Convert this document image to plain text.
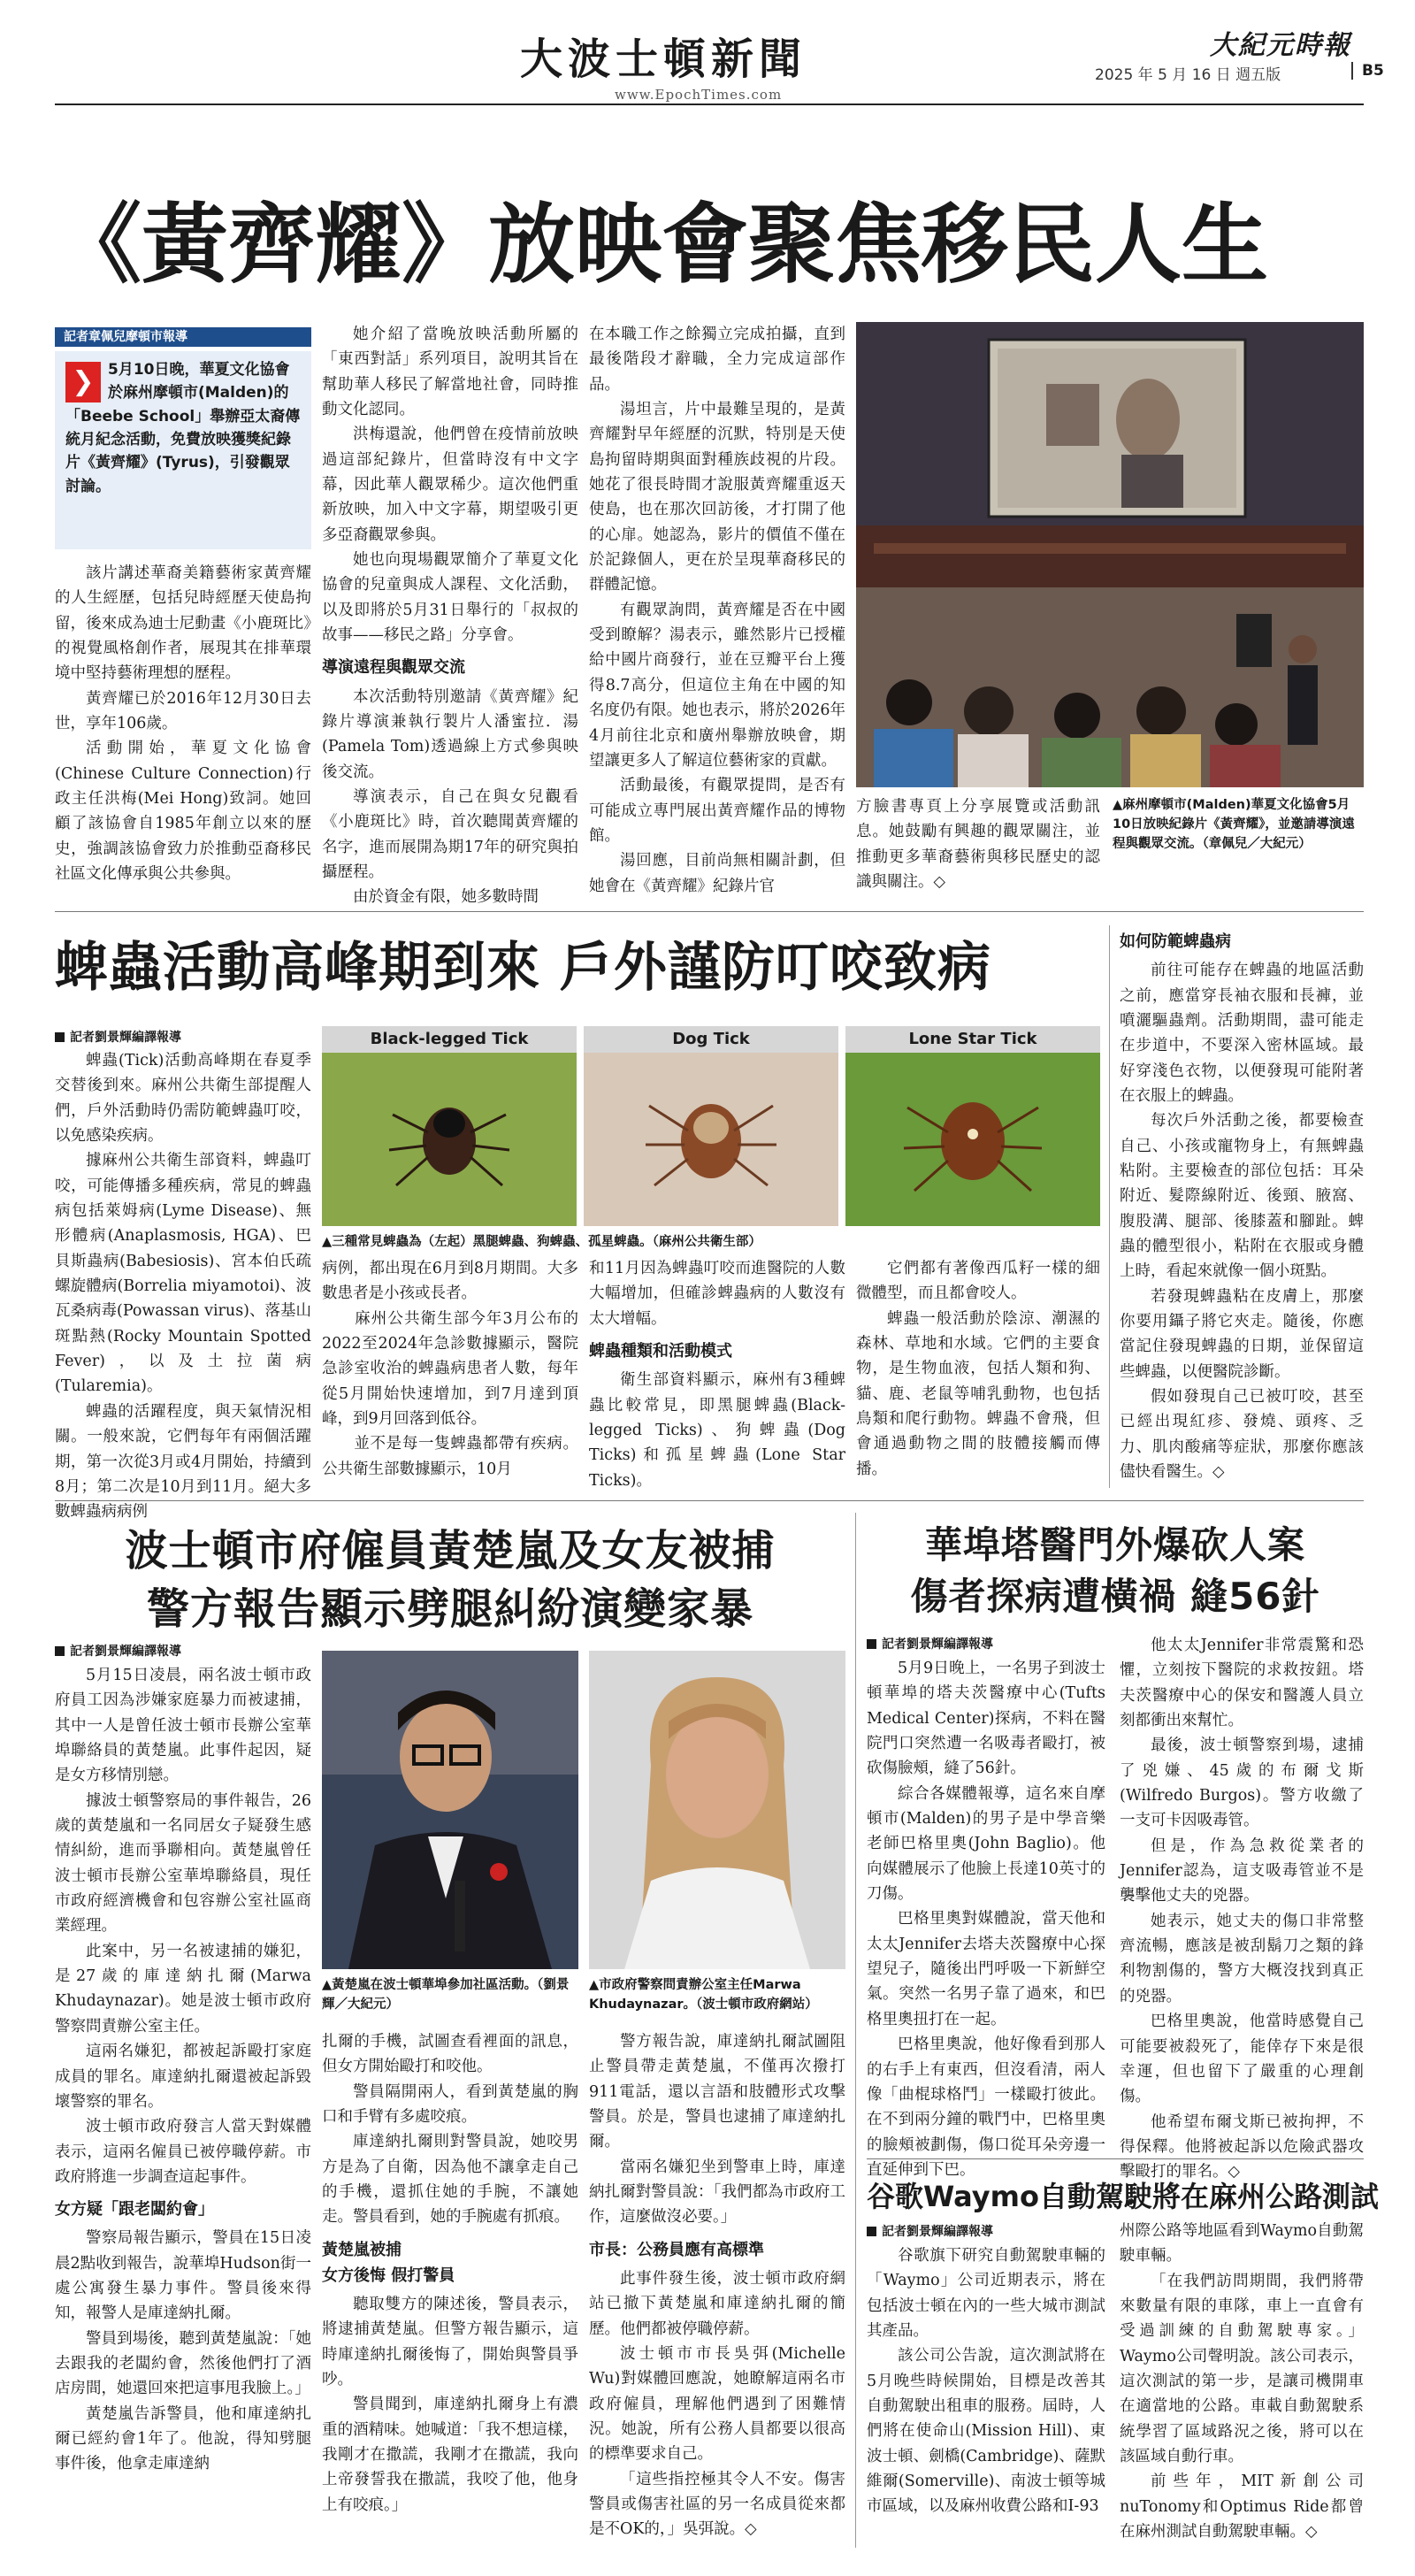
大波士頓新聞
www.EpochTimes.com
大紀元時報
2025 年 5 月 16 日 週五版	B5
《黃齊耀》放映會聚焦移民人生
記者章佩兒摩頓市報導
❯ 5月10日晚，華夏文化協會於麻州摩頓市(Malden)的「Beebe School」舉辦亞太裔傳統月紀念活動，免費放映獲獎紀錄片《黃齊耀》(Tyrus)，引發觀眾討論。

該片講述華裔美籍藝術家黃齊耀的人生經歷，包括兒時經歷天使島拘留，後來成為迪士尼動畫《小鹿斑比》的視覺風格創作者，展現其在排華環境中堅持藝術理想的歷程。

黃齊耀已於2016年12月30日去世，享年106歲。

活動開始，華夏文化協會(Chinese Culture Connection)行政主任洪梅(Mei Hong)致詞。她回顧了該協會自1985年創立以來的歷史，強調該協會致力於推動亞裔移民社區文化傳承與公共參與。

她介紹了當晚放映活動所屬的「東西對話」系列項目，說明其旨在幫助華人移民了解當地社會，同時推動文化認同。

洪梅還說，他們曾在疫情前放映過這部紀錄片，但當時沒有中文字幕，因此華人觀眾稀少。這次他們重新放映，加入中文字幕，期望吸引更多亞裔觀眾參與。

她也向現場觀眾簡介了華夏文化協會的兒童與成人課程、文化活動，以及即將於5月31日舉行的「叔叔的故事——移民之路」分享會。

導演遠程與觀眾交流

本次活動特別邀請《黃齊耀》紀錄片導演兼執行製片人潘蜜拉．湯(Pamela Tom)透過線上方式參與映後交流。

導演表示，自己在與女兒觀看《小鹿斑比》時，首次聽聞黃齊耀的名字，進而展開為期17年的研究與拍攝歷程。

由於資金有限，她多數時間

在本職工作之餘獨立完成拍攝，直到最後階段才辭職，全力完成這部作品。

湯坦言，片中最難呈現的，是黃齊耀對早年經歷的沉默，特別是天使島拘留時期與面對種族歧視的片段。她花了很長時間才說服黃齊耀重返天使島，也在那次回訪後，才打開了他的心扉。她認為，影片的價值不僅在於記錄個人，更在於呈現華裔移民的群體記憶。

有觀眾詢問，黃齊耀是否在中國受到瞭解？湯表示，雖然影片已授權給中國片商發行，並在豆瓣平台上獲得8.7高分，但這位主角在中國的知名度仍有限。她也表示，將於2026年4月前往北京和廣州舉辦放映會，期望讓更多人了解這位藝術家的貢獻。

活動最後，有觀眾提問，是否有可能成立專門展出黃齊耀作品的博物館。

湯回應，目前尚無相關計劃，但她會在《黃齊耀》紀錄片官

方臉書專頁上分享展覽或活動訊息。她鼓勵有興趣的觀眾關注，並推動更多華裔藝術與移民歷史的認識與關注。◇

▲麻州摩頓市(Malden)華夏文化協會5月10日放映紀錄片《黃齊耀》，並邀請導演遠程與觀眾交流。（章佩兒／大紀元）
蜱蟲活動高峰期到來 戶外謹防叮咬致病
記者劉景輝編譯報導

蜱蟲(Tick)活動高峰期在春夏季交替後到來。麻州公共衛生部提醒人們，戶外活動時仍需防範蜱蟲叮咬，以免感染疾病。

據麻州公共衛生部資料，蜱蟲叮咬，可能傳播多種疾病，常見的蜱蟲病包括萊姆病(Lyme Disease)、無形體病(Anaplasmosis, HGA)、巴貝斯蟲病(Babesiosis)、宮本伯氏疏螺旋體病(Borrelia miyamotoi)、波瓦桑病毒(Powassan virus)、落基山斑點熱(Rocky Mountain Spotted Fever)，以及土拉菌病(Tularemia)。

蜱蟲的活躍程度，與天氣情況相關。一般來說，它們每年有兩個活躍期，第一次從3月或4月開始，持續到8月；第二次是10月到11月。絕大多數蜱蟲病病例

Black-legged Tick	Dog Tick	Lone Star Tick
▲三種常見蜱蟲為（左起）黑腿蜱蟲、狗蜱蟲、孤星蜱蟲。（麻州公共衛生部）

病例，都出現在6月到8月期間。大多數患者是小孩或長者。
　　麻州公共衛生部今年3月公布的2022至2024年急診數據顯示，醫院急診室收治的蜱蟲病患者人數，每年從5月開始快速增加，到7月達到頂峰，到9月回落到低谷。
　　並不是每一隻蜱蟲都帶有疾病。公共衛生部數據顯示，10月

和11月因為蜱蟲叮咬而進醫院的人數大幅增加，但確診蜱蟲病的人數沒有太大增幅。

蜱蟲種類和活動模式

衛生部資料顯示，麻州有3種蜱蟲比較常見，即黑腿蜱蟲(Black-legged Ticks)、狗蜱蟲(Dog Ticks)和孤星蜱蟲(Lone Star Ticks)。

它們都有著像西瓜籽一樣的細微體型，而且都會咬人。

蜱蟲一般活動於陰涼、潮濕的森林、草地和水域。它們的主要食物，是生物血液，包括人類和狗、貓、鹿、老鼠等哺乳動物，也包括鳥類和爬行動物。蜱蟲不會飛，但會通過動物之間的肢體接觸而傳播。

如何防範蜱蟲病

前往可能存在蜱蟲的地區活動之前，應當穿長袖衣服和長褲，並噴灑驅蟲劑。活動期間，盡可能走在步道中，不要深入密林區域。最好穿淺色衣物，以便發現可能附著在衣服上的蜱蟲。

每次戶外活動之後，都要檢查自己、小孩或寵物身上，有無蜱蟲粘附。主要檢查的部位包括：耳朵附近、髮際線附近、後頸、腋窩、腹股溝、腿部、後膝蓋和腳趾。蜱蟲的體型很小，粘附在衣服或身體上時，看起來就像一個小斑點。

若發現蜱蟲粘在皮膚上，那麼你要用鑷子將它夾走。隨後，你應當記住發現蜱蟲的日期，並保留這些蜱蟲，以便醫院診斷。

假如發現自己已被叮咬，甚至已經出現紅疹、發燒、頭疼、乏力、肌肉酸痛等症狀，那麼你應該儘快看醫生。◇

波士頓市府僱員黃楚嵐及女友被捕
警方報告顯示劈腿糾紛演變家暴
記者劉景輝編譯報導

5月15日凌晨，兩名波士頓市政府員工因為涉嫌家庭暴力而被逮捕，其中一人是曾任波士頓市長辦公室華埠聯絡員的黃楚嵐。此事件起因，疑是女方移情別戀。

據波士頓警察局的事件報告，26歲的黃楚嵐和一名同居女子疑發生感情糾紛，進而爭聯相向。黃楚嵐曾任波士頓市長辦公室華埠聯絡員，現任市政府經濟機會和包容辦公室社區商業經理。

此案中，另一名被逮捕的嫌犯，是27歲的庫達納扎爾(Marwa Khudaynazar)。她是波士頓市政府警察問責辦公室主任。

這兩名嫌犯，都被起訴毆打家庭成員的罪名。庫達納扎爾還被起訴毀壞警察的罪名。

波士頓市政府發言人當天對媒體表示，這兩名僱員已被停職停薪。市政府將進一步調查這起事件。

女方疑「跟老闆約會」

警察局報告顯示，警員在15日凌晨2點收到報告，說華埠Hudson街一處公寓發生暴力事件。警員後來得知，報警人是庫達納扎爾。

警員到場後，聽到黃楚嵐說：「她去跟我的老闆約會，然後他們打了酒店房間，她還回來把這事甩我臉上。」

黃楚嵐告訴警員，他和庫達納扎爾已經約會1年了。他說，得知劈腿事件後，他拿走庫達納

▲黃楚嵐在波士頓華埠參加社區活動。（劉景輝／大紀元）
▲市政府警察問責辦公室主任Marwa Khudaynazar。（波士頓市政府網站）

扎爾的手機，試圖查看裡面的訊息，但女方開始毆打和咬他。

警員隔開兩人，看到黃楚嵐的胸口和手臂有多處咬痕。

庫達納扎爾則對警員說，她咬男方是為了自衛，因為他不讓拿走自己的手機，還抓住她的手腕，不讓她走。警員看到，她的手腕處有抓痕。

黃楚嵐被捕
女方後悔 假打警員

聽取雙方的陳述後，警員表示，將逮捕黃楚嵐。但警方報告顯示，這時庫達納扎爾後悔了，開始與警員爭吵。

警員聞到，庫達納扎爾身上有濃重的酒精味。她喊道：「我不想這樣，我剛才在撒謊，我剛才在撒謊，我向上帝發誓我在撒謊，我咬了他，他身上有咬痕。」

警方報告說，庫達納扎爾試圖阻止警員帶走黃楚嵐，不僅再次撥打911電話，還以言語和肢體形式攻擊警員。於是，警員也逮捕了庫達納扎爾。

當兩名嫌犯坐到警車上時，庫達納扎爾對警員說：「我們都為市政府工作，這麼做沒必要。」

市長：公務員應有高標準

此事件發生後，波士頓市政府網站已撤下黃楚嵐和庫達納扎爾的簡歷。他們都被停職停薪。

波士頓市市長吳弭(Michelle Wu)對媒體回應說，她瞭解這兩名市政府僱員，理解他們遇到了困難情況。她說，所有公務人員都要以很高的標準要求自己。

「這些指控極其令人不安。傷害警員或傷害社區的另一名成員從來都是不OK的，」吳弭說。◇

華埠塔醫門外爆砍人案
傷者探病遭橫禍 縫56針
記者劉景輝編譯報導

5月9日晚上，一名男子到波士頓華埠的塔夫茨醫療中心(Tufts Medical Center)探病，不料在醫院門口突然遭一名吸毒者毆打，被砍傷臉頰，縫了56針。

綜合各媒體報導，這名來自摩頓市(Malden)的男子是中學音樂老師巴格里奧(John Baglio)。他向媒體展示了他臉上長達10英寸的刀傷。

巴格里奧對媒體說，當天他和太太Jennifer去塔夫茨醫療中心探望兒子，隨後出門呼吸一下新鮮空氣。突然一名男子靠了過來，和巴格里奧扭打在一起。

巴格里奧說，他好像看到那人的右手上有東西，但沒看清，兩人像「曲棍球格鬥」一樣毆打彼此。在不到兩分鐘的戰鬥中，巴格里奧的臉頰被劃傷，傷口從耳朵旁邊一直延伸到下巴。

他太太Jennifer非常震驚和恐懼，立刻按下醫院的求救按鈕。塔夫茨醫療中心的保安和醫護人員立刻都衝出來幫忙。

最後，波士頓警察到場，逮捕了兇嫌、45歲的布爾戈斯(Wilfredo Burgos)。警方收繳了一支可卡因吸毒管。

但是，作為急救從業者的Jennifer認為，這支吸毒管並不是襲擊他丈夫的兇器。

她表示，她丈夫的傷口非常整齊流暢，應該是被刮鬍刀之類的鋒利物割傷的，警方大概沒找到真正的兇器。

巴格里奧說，他當時感覺自己可能要被殺死了，能倖存下來是很幸運，但也留下了嚴重的心理創傷。

他希望布爾戈斯已被拘押，不得保釋。他將被起訴以危險武器攻擊毆打的罪名。◇

谷歌Waymo自動駕駛將在麻州公路測試
記者劉景輝編譯報導

谷歌旗下研究自動駕駛車輛的「Waymo」公司近期表示，將在包括波士頓在內的一些大城市測試其產品。

該公司公告說，這次測試將在5月晚些時候開始，目標是改善其自動駕駛出租車的服務。屆時，人們將在使命山(Mission Hill)、東波士頓、劍橋(Cambridge)、薩默維爾(Somerville)、南波士頓等城市區域，以及麻州收費公路和I-93

州際公路等地區看到Waymo自動駕駛車輛。

「在我們訪問期間，我們將帶來數量有限的車隊，車上一直會有受過訓練的自動駕駛專家。」Waymo公司聲明說。該公司表示，這次測試的第一步，是讓司機開車在適當地的公路。車載自動駕駛系統學習了區域路況之後，將可以在該區域自動行車。

前些年，MIT新創公司nuTonomy和Optimus Ride都曾在麻州測試自動駕駛車輛。◇
